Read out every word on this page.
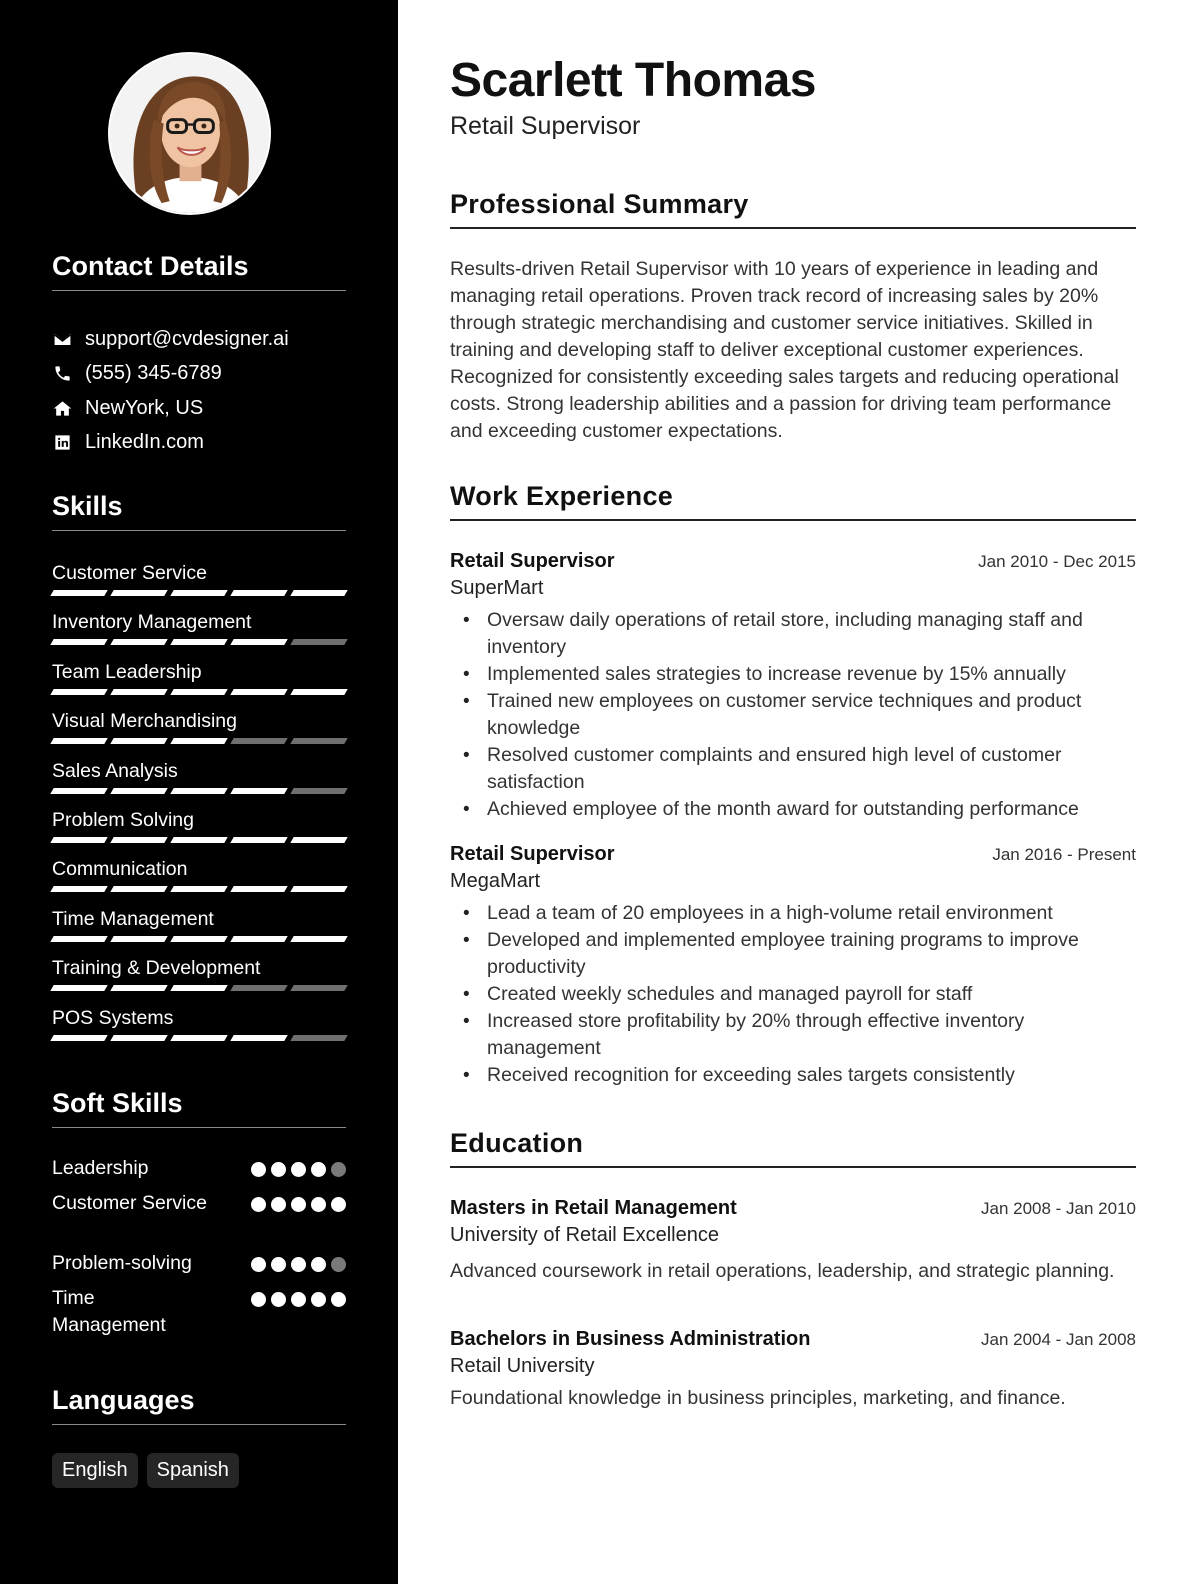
Contact Details
support@cvdesigner.ai
(555) 345-6789
NewYork, US
LinkedIn.com
Skills
Customer Service
Inventory Management
Team Leadership
Visual Merchandising
Sales Analysis
Problem Solving
Communication
Time Management
Training & Development
POS Systems
Soft Skills
Leadership
Customer Service
Problem-solving
Time Management
Languages
English	Spanish
Scarlett Thomas
Retail Supervisor
Professional Summary

Results-driven Retail Supervisor with 10 years of experience in leading and managing retail operations. Proven track record of increasing sales by 20% through strategic merchandising and customer service initiatives. Skilled in training and developing staff to deliver exceptional customer experiences. Recognized for consistently exceeding sales targets and reducing operational costs. Strong leadership abilities and a passion for driving team performance and exceeding customer expectations.

Work Experience
Retail Supervisor	Jan 2010 - Dec 2015
SuperMart
• Oversaw daily operations of retail store, including managing staff and inventory
• Implemented sales strategies to increase revenue by 15% annually
• Trained new employees on customer service techniques and product knowledge
• Resolved customer complaints and ensured high level of customer satisfaction
• Achieved employee of the month award for outstanding performance
Retail Supervisor	Jan 2016 - Present
MegaMart
• Lead a team of 20 employees in a high-volume retail environment
• Developed and implemented employee training programs to improve productivity
• Created weekly schedules and managed payroll for staff
• Increased store profitability by 20% through effective inventory management
• Received recognition for exceeding sales targets consistently
Education
Masters in Retail Management	Jan 2008 - Jan 2010
University of Retail Excellence

Advanced coursework in retail operations, leadership, and strategic planning.

Bachelors in Business Administration	Jan 2004 - Jan 2008
Retail University

Foundational knowledge in business principles, marketing, and finance.
